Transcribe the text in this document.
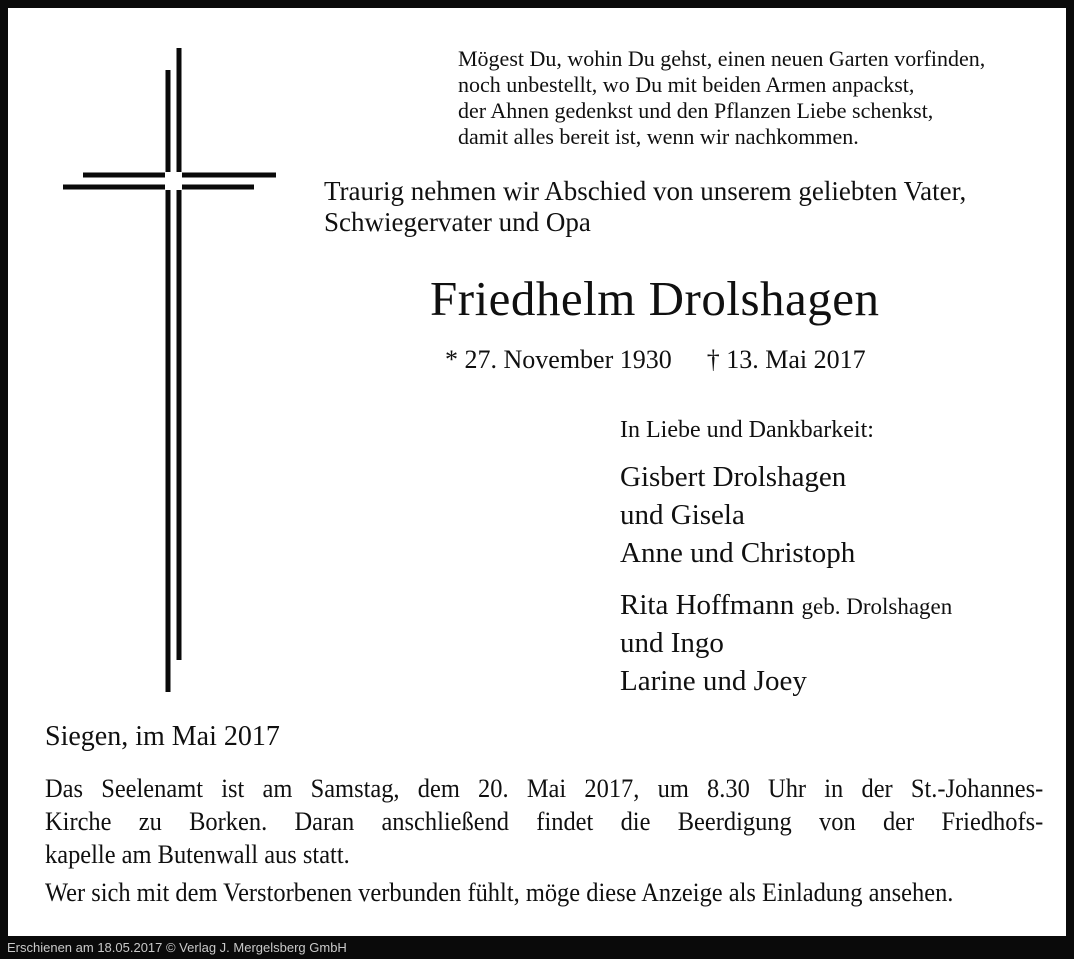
Mögest Du, wohin Du gehst, einen neuen Garten vorfinden,
noch unbestellt, wo Du mit beiden Armen anpackst,
der Ahnen gedenkst und den Pflanzen Liebe schenkst,
damit alles bereit ist, wenn wir nachkommen.
Traurig nehmen wir Abschied von unserem geliebten Vater,
Schwiegervater und Opa
Friedhelm Drolshagen
* 27. November 1930 † 13. Mai 2017
In Liebe und Dankbarkeit:
Gisbert Drolshagen
und Gisela
Anne und Christoph
Rita Hoffmann geb. Drolshagen
und Ingo
Larine und Joey
Siegen, im Mai 2017
Das Seelenamt ist am Samstag, dem 20. Mai 2017, um 8.30 Uhr in der St.-Johannes-
Kirche zu Borken. Daran anschließend findet die Beerdigung von der Friedhofs-
kapelle am Butenwall aus statt.
Wer sich mit dem Verstorbenen verbunden fühlt, möge diese Anzeige als Einladung ansehen.
Erschienen am 18.05.2017 © Verlag J. Mergelsberg GmbH
